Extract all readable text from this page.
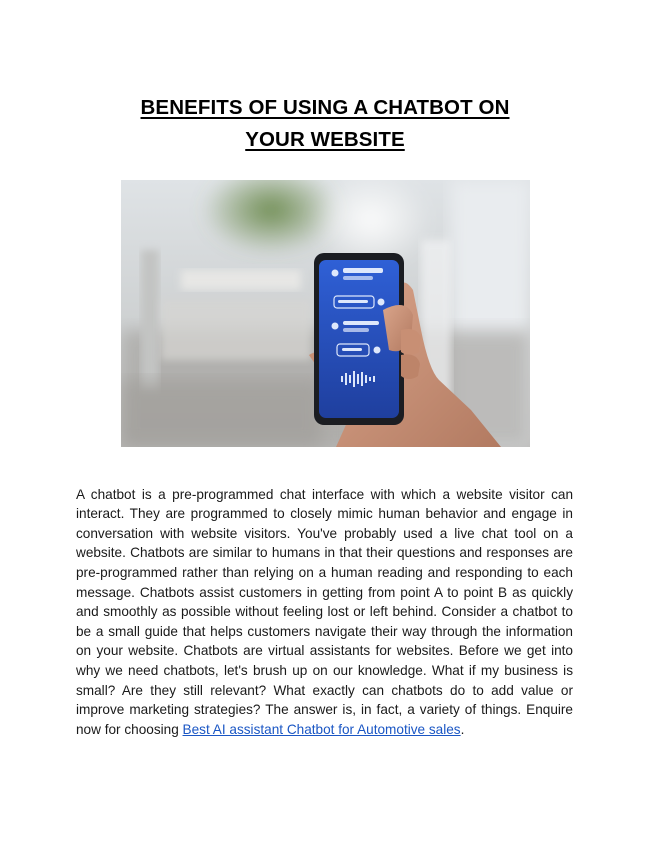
BENEFITS OF USING A CHATBOT ON
YOUR WEBSITE

A chatbot is a pre-programmed chat interface with which a website visitor can interact. They are programmed to closely mimic human behavior and engage in conversation with website visitors. You've probably used a live chat tool on a website. Chatbots are similar to humans in that their questions and responses are pre-programmed rather than relying on a human reading and responding to each message. Chatbots assist customers in getting from point A to point B as quickly and smoothly as possible without feeling lost or left behind. Consider a chatbot to be a small guide that helps customers navigate their way through the information on your website. Chatbots are virtual assistants for websites. Before we get into why we need chatbots, let's brush up on our knowledge. What if my business is small? Are they still relevant? What exactly can chatbots do to add value or improve marketing strategies? The answer is, in fact, a variety of things. Enquire now for choosing Best AI assistant Chatbot for Automotive sales.
